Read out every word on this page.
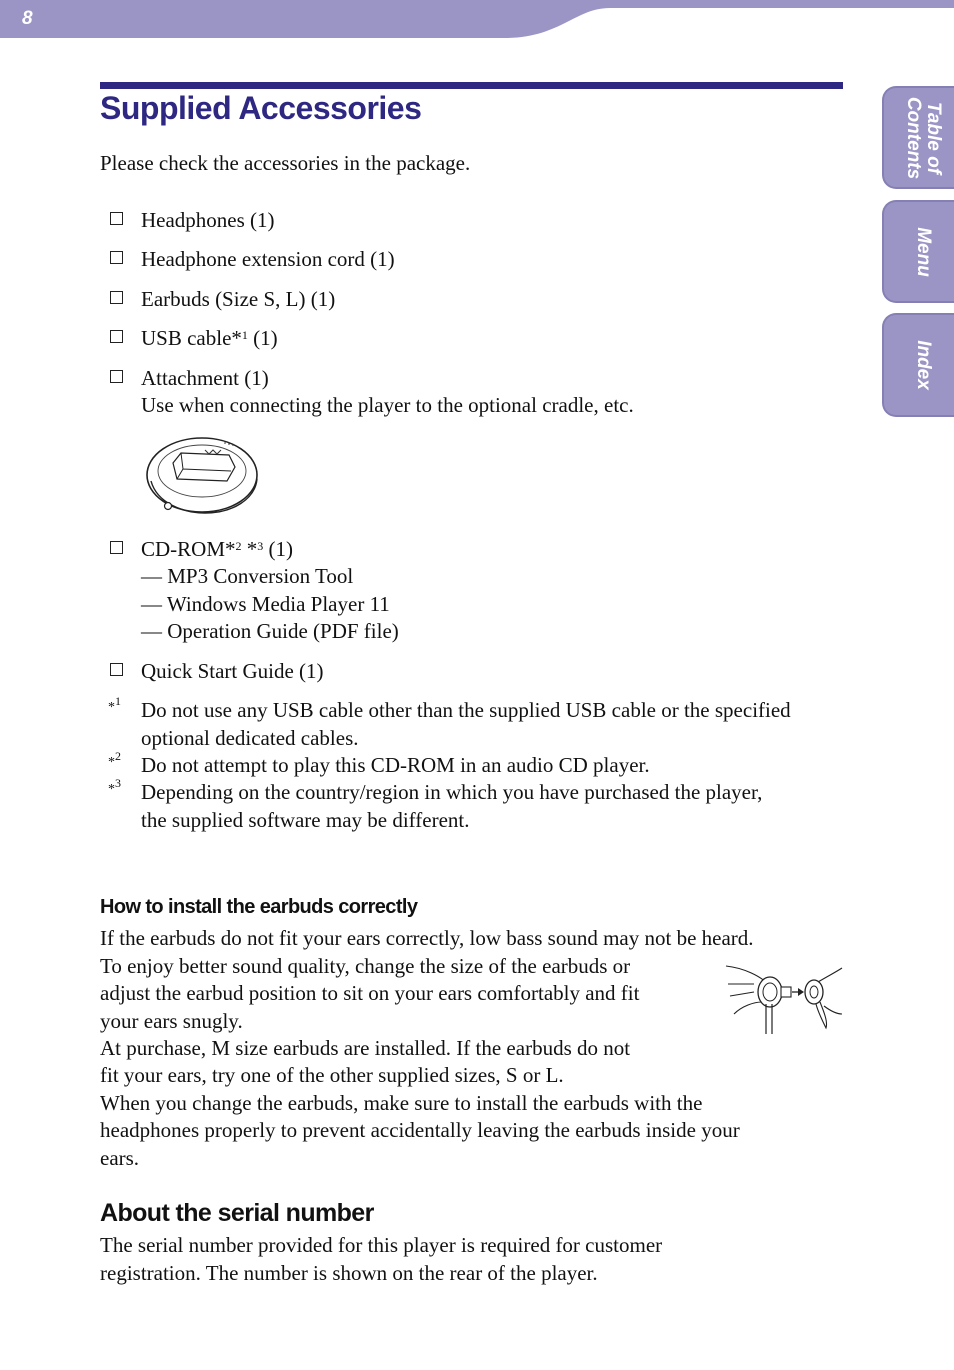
8
Table of
Contents
Menu
Index
Supplied Accessories

Please check the accessories in the package.

Headphones (1)

Headphone extension cord (1)

Earbuds (Size S, L) (1)

USB cable*$^1$ (1)

Attachment (1)

Use when connecting the player to the optional cradle, etc.

CD-ROM*$^2$ *$^3$ (1)

— MP3 Conversion Tool

— Windows Media Player 11

— Operation Guide (PDF file)

Quick Start Guide (1)

*$^1$ Do not use any USB cable other than the supplied USB cable or the specified

optional dedicated cables.

*$^2$ Do not attempt to play this CD-ROM in an audio CD player.

*$^3$ Depending on the country/region in which you have purchased the player,

the supplied software may be different.

How to install the earbuds correctly

If the earbuds do not fit your ears correctly, low bass sound may not be heard.

To enjoy better sound quality, change the size of the earbuds or

adjust the earbud position to sit on your ears comfortably and fit

your ears snugly.

At purchase, M size earbuds are installed. If the earbuds do not

fit your ears, try one of the other supplied sizes, S or L.

When you change the earbuds, make sure to install the earbuds with the

headphones properly to prevent accidentally leaving the earbuds inside your

ears.

About the serial number

The serial number provided for this player is required for customer

registration. The number is shown on the rear of the player.
